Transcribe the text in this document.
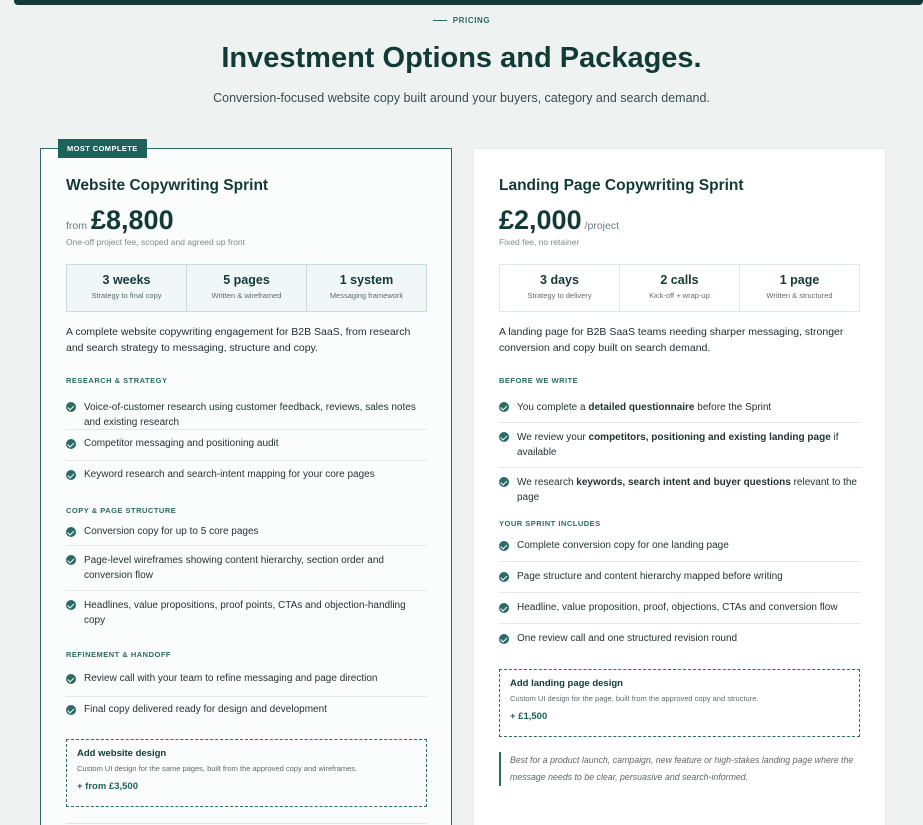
PRICING
Investment Options and Packages.

Conversion-focused website copy built around your buyers, category and search demand.

MOST COMPLETE
Website Copywriting Sprint
from £8,800
One-off project fee, scoped and agreed up front
3 weeks
Strategy to final copy
5 pages
Written & wireframed
1 system
Messaging framework

A complete website copywriting engagement for B2B SaaS, from research and search strategy to messaging, structure and copy.

RESEARCH & STRATEGY
Voice-of-customer research using customer feedback, reviews, sales notes and existing research
Competitor messaging and positioning audit
Keyword research and search-intent mapping for your core pages
COPY & PAGE STRUCTURE
Conversion copy for up to 5 core pages
Page-level wireframes showing content hierarchy, section order and conversion flow
Headlines, value propositions, proof points, CTAs and objection-handling copy
REFINEMENT & HANDOFF
Review call with your team to refine messaging and page direction
Final copy delivered ready for design and development
Add website design
Custom UI design for the same pages, built from the approved copy and wireframes.
+ from £3,500
Landing Page Copywriting Sprint
£2,000 /project
Fixed fee, no retainer
3 days
Strategy to delivery
2 calls
Kick-off + wrap-up
1 page
Written & structured

A landing page for B2B SaaS teams needing sharper messaging, stronger conversion and copy built on search demand.

BEFORE WE WRITE
You complete a detailed questionnaire before the Sprint
We review your competitors, positioning and existing landing page if available
We research keywords, search intent and buyer questions relevant to the page
YOUR SPRINT INCLUDES
Complete conversion copy for one landing page
Page structure and content hierarchy mapped before writing
Headline, value proposition, proof, objections, CTAs and conversion flow
One review call and one structured revision round
Add landing page design
Custom UI design for the page, built from the approved copy and structure.
+ £1,500
Best for a product launch, campaign, new feature or high-stakes landing page where the message needs to be clear, persuasive and search-informed.
